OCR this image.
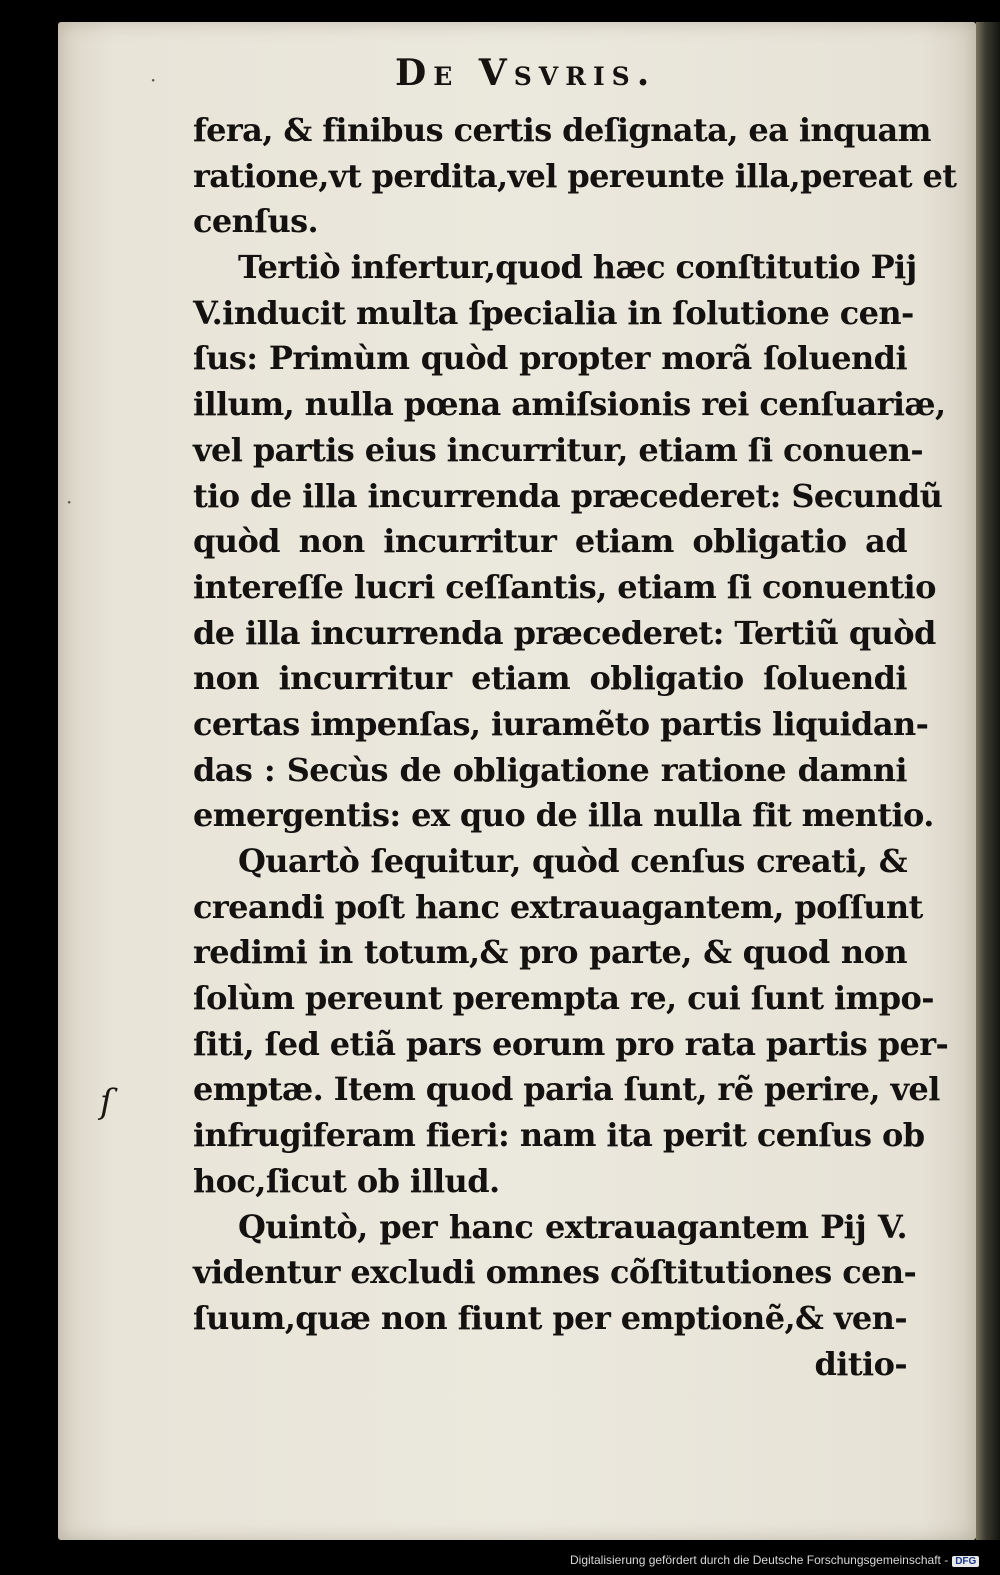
De Vsvris.
fera, & finibus certis deſignata, ea inquam
ratione,vt perdita,vel pereunte illa,pereat et
cenſus.
Tertiò infertur,quod hæc conſtitutio Pij
V.inducit multa ſpecialia in ſolutione cen-
ſus: Primùm quòd propter morã ſoluendi
illum, nulla pœna amiſsionis rei cenſuariæ,
vel partis eius incurritur, etiam ſi conuen-
tio de illa incurrenda præcederet: Secundũ
quòd non incurritur etiam obligatio ad
intereſſe lucri ceſſantis, etiam ſi conuentio
de illa incurrenda præcederet: Tertiũ quòd
non incurritur etiam obligatio ſoluendi
certas impenſas, iuramẽto partis liquidan-
das : Secùs de obligatione ratione damni
emergentis: ex quo de illa nulla fit mentio.
Quartò ſequitur, quòd cenſus creati, &
creandi poſt hanc extrauagantem, poſſunt
redimi in totum,& pro parte, & quod non
ſolùm pereunt perempta re, cui ſunt impo-
ſiti, ſed etiã pars eorum pro rata partis per-
emptæ. Item quod paria ſunt, rẽ perire, vel
infrugiferam fieri: nam ita perit cenſus ob
hoc,ſicut ob illud.
Quintò, per hanc extrauagantem Pij V.
videntur excludi omnes cõſtitutiones cen-
ſuum,quæ non fiunt per emptionẽ,& ven-
ditio-
ſ
·
·
Digitalisierung gefördert durch die Deutsche Forschungsgemeinschaft - DFG
